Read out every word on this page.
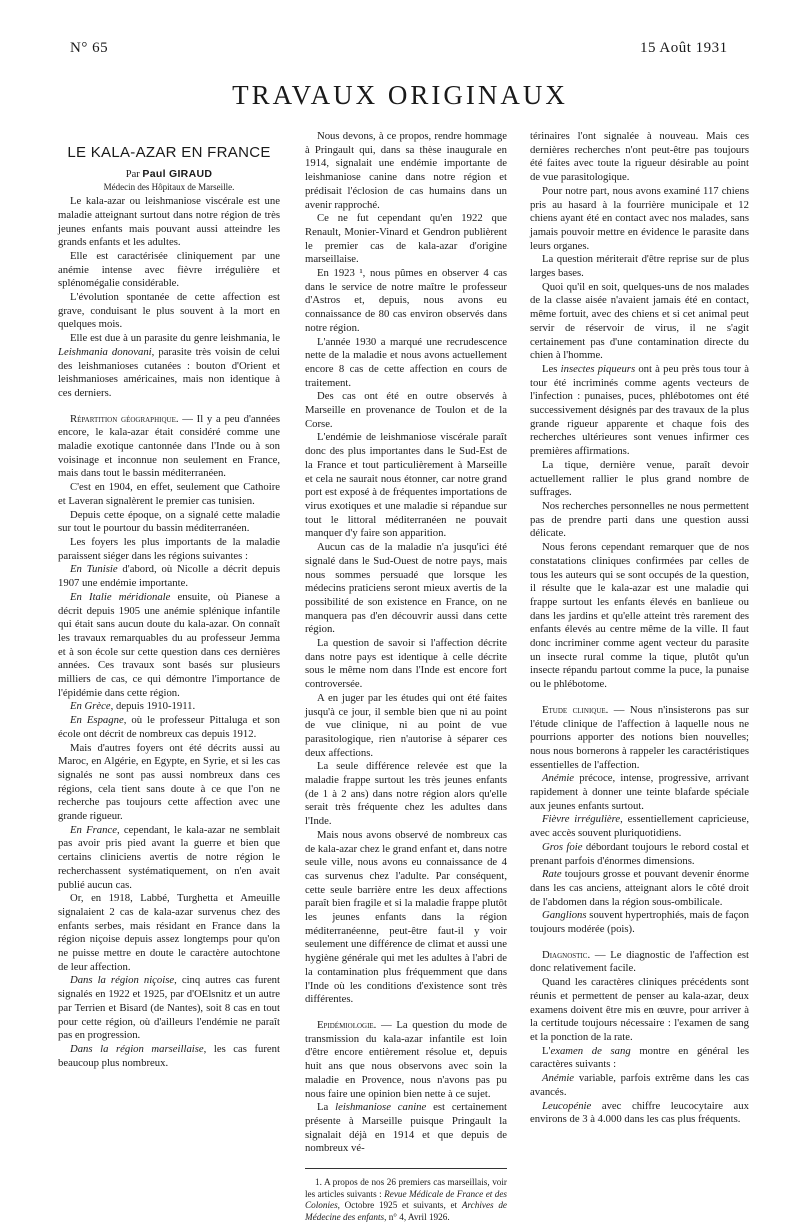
N° 65	15 Août 1931
TRAVAUX ORIGINAUX
LE KALA-AZAR EN FRANCE

Par Paul GIRAUD

Médecin des Hôpitaux de Marseille.

Le kala-azar ou leishmaniose viscérale est une maladie atteignant surtout dans notre région de très jeunes enfants mais pouvant aussi atteindre les grands enfants et les adultes.

Elle est caractérisée cliniquement par une anémie intense avec fièvre irrégulière et splénomégalie considérable.

L'évolution spontanée de cette affection est grave, conduisant le plus souvent à la mort en quelques mois.

Elle est due à un parasite du genre leishmania, le Leishmania donovani, parasite très voisin de celui des leishmanioses cutanées : bouton d'Orient et leishmanioses américaines, mais non identique à ces derniers.

Répartition géographique. — Il y a peu d'années encore, le kala-azar était considéré comme une maladie exotique cantonnée dans l'Inde ou à son voisinage et inconnue non seulement en France, mais dans tout le bassin méditerranéen.

C'est en 1904, en effet, seulement que Cathoire et Laveran signalèrent le premier cas tunisien.

Depuis cette époque, on a signalé cette maladie sur tout le pourtour du bassin méditerranéen.

Les foyers les plus importants de la maladie paraissent siéger dans les régions suivantes :

En Tunisie d'abord, où Nicolle a décrit depuis 1907 une endémie importante.

En Italie méridionale ensuite, où Pianese a décrit depuis 1905 une anémie splénique infantile qui était sans aucun doute du kala-azar. On connaît les travaux remarquables du au professeur Jemma et à son école sur cette question dans ces dernières années. Ces travaux sont basés sur plusieurs milliers de cas, ce qui démontre l'importance de l'épidémie dans cette région.

En Grèce, depuis 1910-1911.

En Espagne, où le professeur Pittaluga et son école ont décrit de nombreux cas depuis 1912.

Mais d'autres foyers ont été décrits aussi au Maroc, en Algérie, en Egypte, en Syrie, et si les cas signalés ne sont pas aussi nombreux dans ces régions, cela tient sans doute à ce que l'on ne recherche pas toujours cette affection avec une grande rigueur.

En France, cependant, le kala-azar ne semblait pas avoir pris pied avant la guerre et bien que certains cliniciens avertis de notre région le recherchassent systématiquement, on n'en avait publié aucun cas.

Or, en 1918, Labbé, Turghetta et Ameuille signalaient 2 cas de kala-azar survenus chez des enfants serbes, mais résidant en France dans la région niçoise depuis assez longtemps pour qu'on ne puisse mettre en doute le caractère autochtone de leur affection.

Dans la région niçoise, cinq autres cas furent signalés en 1922 et 1925, par d'OElsnitz et un autre par Terrien et Bisard (de Nantes), soit 8 cas en tout pour cette région, où d'ailleurs l'endémie ne paraît pas en progression.

Dans la région marseillaise, les cas furent beaucoup plus nombreux.

Nous devons, à ce propos, rendre hommage à Pringault qui, dans sa thèse inaugurale en 1914, signalait une endémie importante de leishmaniose canine dans notre région et prédisait l'éclosion de cas humains dans un avenir rapproché.

Ce ne fut cependant qu'en 1922 que Renault, Monier-Vinard et Gendron publièrent le premier cas de kala-azar d'origine marseillaise.

En 1923 ¹, nous pûmes en observer 4 cas dans le service de notre maître le professeur d'Astros et, depuis, nous avons eu connaissance de 80 cas environ observés dans notre région.

L'année 1930 a marqué une recrudescence nette de la maladie et nous avons actuellement encore 8 cas de cette affection en cours de traitement.

Des cas ont été en outre observés à Marseille en provenance de Toulon et de la Corse.

L'endémie de leishmaniose viscérale paraît donc des plus importantes dans le Sud-Est de la France et tout particulièrement à Marseille et cela ne saurait nous étonner, car notre grand port est exposé à de fréquentes importations de virus exotiques et une maladie si répandue sur tout le littoral méditerranéen ne pouvait manquer d'y faire son apparition.

Aucun cas de la maladie n'a jusqu'ici été signalé dans le Sud-Ouest de notre pays, mais nous sommes persuadé que lorsque les médecins praticiens seront mieux avertis de la possibilité de son existence en France, on ne manquera pas d'en découvrir aussi dans cette région.

La question de savoir si l'affection décrite dans notre pays est identique à celle décrite sous le même nom dans l'Inde est encore fort controversée.

A en juger par les études qui ont été faites jusqu'à ce jour, il semble bien que ni au point de vue clinique, ni au point de vue parasitologique, rien n'autorise à séparer ces deux affections.

La seule différence relevée est que la maladie frappe surtout les très jeunes enfants (de 1 à 2 ans) dans notre région alors qu'elle serait très fréquente chez les adultes dans l'Inde.

Mais nous avons observé de nombreux cas de kala-azar chez le grand enfant et, dans notre seule ville, nous avons eu connaissance de 4 cas survenus chez l'adulte. Par conséquent, cette seule barrière entre les deux affections paraît bien fragile et si la maladie frappe plutôt les jeunes enfants dans la région méditerranéenne, peut-être faut-il y voir seulement une différence de climat et aussi une hygiène générale qui met les adultes à l'abri de la contamination plus fréquemment que dans l'Inde où les conditions d'existence sont très différentes.

Epidémiologie. — La question du mode de transmission du kala-azar infantile est loin d'être encore entièrement résolue et, depuis huit ans que nous observons avec soin la maladie en Provence, nous n'avons pas pu nous faire une opinion bien nette à ce sujet.

La leishmaniose canine est certainement présente à Marseille puisque Pringault la signalait déjà en 1914 et que depuis de nombreux vé-

1. A propos de nos 26 premiers cas marseillais, voir les articles suivants : Revue Médicale de France et des Colonies, Octobre 1925 et suivants, et Archives de Médecine des enfants, n° 4, Avril 1926.

térinaires l'ont signalée à nouveau. Mais ces dernières recherches n'ont peut-être pas toujours été faites avec toute la rigueur désirable au point de vue parasitologique.

Pour notre part, nous avons examiné 117 chiens pris au hasard à la fourrière municipale et 12 chiens ayant été en contact avec nos malades, sans jamais pouvoir mettre en évidence le parasite dans leurs organes.

La question mériterait d'être reprise sur de plus larges bases.

Quoi qu'il en soit, quelques-uns de nos malades de la classe aisée n'avaient jamais été en contact, même fortuit, avec des chiens et si cet animal peut servir de réservoir de virus, il ne s'agit certainement pas d'une contamination directe du chien à l'homme.

Les insectes piqueurs ont à peu près tous tour à tour été incriminés comme agents vecteurs de l'infection : punaises, puces, phlébotomes ont été successivement désignés par des travaux de la plus grande rigueur apparente et chaque fois des recherches ultérieures sont venues infirmer ces premières affirmations.

La tique, dernière venue, paraît devoir actuellement rallier le plus grand nombre de suffrages.

Nos recherches personnelles ne nous permettent pas de prendre parti dans une question aussi délicate.

Nous ferons cependant remarquer que de nos constatations cliniques confirmées par celles de tous les auteurs qui se sont occupés de la question, il résulte que le kala-azar est une maladie qui frappe surtout les enfants élevés en banlieue ou dans les jardins et qu'elle atteint très rarement des enfants élevés au centre même de la ville. Il faut donc incriminer comme agent vecteur du parasite un insecte rural comme la tique, plutôt qu'un insecte répandu partout comme la puce, la punaise ou le phlébotome.

Etude clinique. — Nous n'insisterons pas sur l'étude clinique de l'affection à laquelle nous ne pourrions apporter des notions bien nouvelles; nous nous bornerons à rappeler les caractéristiques essentielles de l'affection.

Anémie précoce, intense, progressive, arrivant rapidement à donner une teinte blafarde spéciale aux jeunes enfants surtout.

Fièvre irrégulière, essentiellement capricieuse, avec accès souvent pluriquotidiens.

Gros foie débordant toujours le rebord costal et prenant parfois d'énormes dimensions.

Rate toujours grosse et pouvant devenir énorme dans les cas anciens, atteignant alors le côté droit de l'abdomen dans la région sous-ombilicale.

Ganglions souvent hypertrophiés, mais de façon toujours modérée (pois).

Diagnostic. — Le diagnostic de l'affection est donc relativement facile.

Quand les caractères cliniques précédents sont réunis et permettent de penser au kala-azar, deux examens doivent être mis en œuvre, pour arriver à la certitude toujours nécessaire : l'examen de sang et la ponction de la rate.

L'examen de sang montre en général les caractères suivants :

Anémie variable, parfois extrême dans les cas avancés.

Leucopénie avec chiffre leucocytaire aux environs de 3 à 4.000 dans les cas plus fréquents.
